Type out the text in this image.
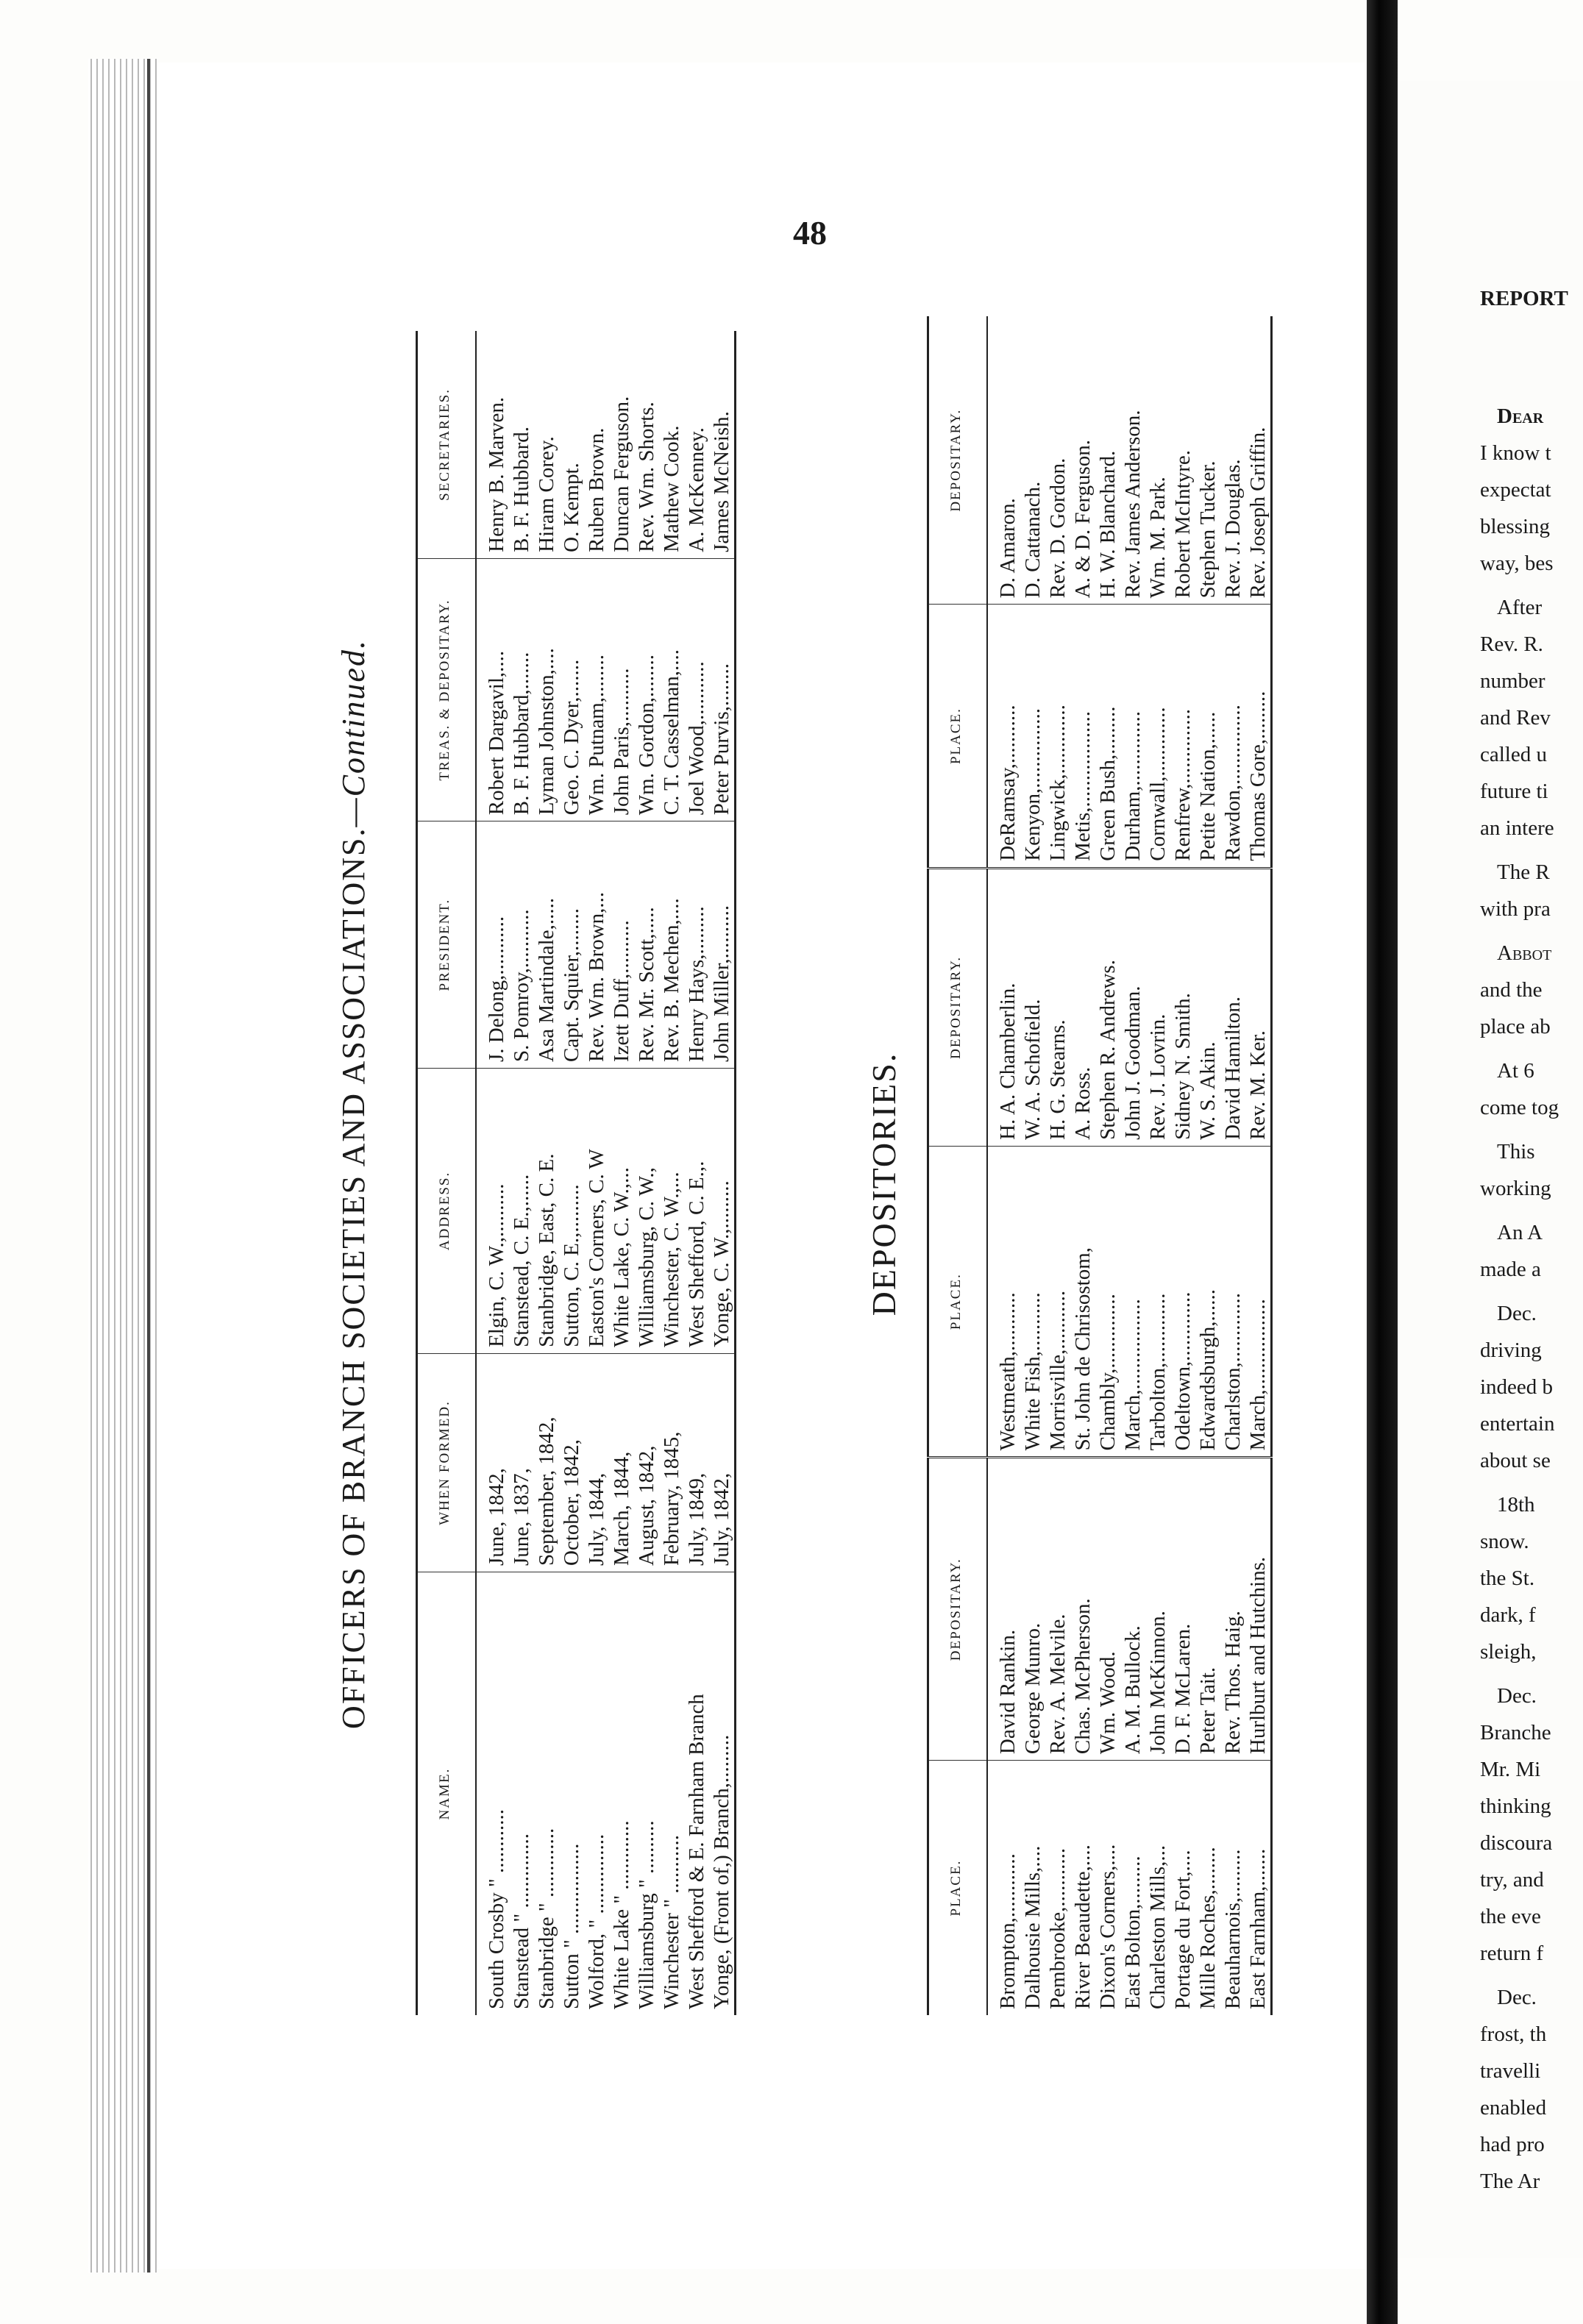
REPORT
Dear
I know t
expectat
blessing
way, bes
After
Rev. R.
number
and Rev
called u
future ti
an intere
The R
with pra
Abbot
and the
place ab
At 6
come tog
This
working
An A
made a
Dec.
driving
indeed b
entertain
about se
18th
snow.
the St.
dark, f
sleigh,
Dec.
Branche
Mr. Mi
thinking
discoura
try, and
the eve
return f
Dec.
frost, th
travelli
enabled
had pro
The Ar
48
OFFICERS OF BRANCH SOCIETIES AND ASSOCIATIONS.—Continued.
NAME.	WHEN FORMED.	ADDRESS.	PRESIDENT.	TREAS. & DEPOSITARY.	SECRETARIES.
South Crosby " ............	June, 1842,	Elgin, C. W.,..........	J. Delong,...........	Robert Dargavil,....	Henry B. Marven.
Stanstead " ..............	June, 1837,	Stanstead, C. E.,......	S. Pomroy,...........	B. F. Hubbard,.......	B. F. Hubbard.
Stanbridge " .............	September, 1842,	Stanbridge, East, C. E.	Asa Martindale,.....	Lyman Johnston,....	Hiram Corey.
Sutton " .................	October, 1842,	Sutton, C. E.,.........	Capt. Squier,........	Geo. C. Dyer,.......	O. Kempt.
Wolford, " ...............	July, 1844,	Easton's Corners, C. W	Rev. Wm. Brown,...	Wm. Putnam,........	Ruben Brown.
White Lake " .............	March, 1844,	White Lake, C. W.,...	Izett Duff,..........	John Paris,..........	Duncan Ferguson.
Williamsburg " ..........	August, 1842,	Williamsburg, C. W.,	Rev. Mr. Scott,.....	Wm. Gordon,........	Rev. Wm. Shorts.
Winchester " ...........	February, 1845,	Winchester, C. W.,...	Rev. B. Mechen,....	C. T. Casselman,....	Mathew Cook.
West Shefford & E. Farnham Branch	July, 1849,	West Shefford, C. E.,.	Henry Hays,.........	Joel Wood,...........	A. McKenney.
Yonge, (Front of,) Branch,.........	July, 1842,	Yonge, C. W.,.........	John Miller,..........	Peter Purvis,........	James McNeish.
DEPOSITORIES.
PLACE.	DEPOSITARY.	PLACE.	DEPOSITARY.	PLACE.	DEPOSITARY.
Brompton,............	David Rankin.	Westmeath,...........	H. A. Chamberlin.	DeRamsay,...........	D. Amaron.
Dalhousie Mills,....	George Munro.	White Fish,...........	W. A. Schofield.	Kenyon,...............	D. Cattanach.
Pembrooke,...........	Rev. A. Melvile.	Morrisville,...........	H. G. Stearns.	Lingwick,.............	Rev. D. Gordon.
River Beaudette,....	Chas. McPherson.	St. John de Chrisostom,	A. Ross.	Metis,..................	A. & D. Ferguson.
Dixon's Corners,....	Wm. Wood.	Chambly,..............	Stephen R. Andrews.	Green Bush,.........	H. W. Blanchard.
East Bolton,.........	A. M. Bullock.	March,.................	John J. Goodman.	Durham,..............	Rev. James Anderson.
Charleston Mills,...	John McKinnon.	Tarbolton,.............	Rev. J. Lovrin.	Cornwall,.............	Wm. M. Park.
Portage du Fort,....	D. F. McLaren.	Odeltown,.............	Sidney N. Smith.	Renfrew,..............	Robert McIntyre.
Mille Roches,........	Peter Tait.	Edwardsburgh,......	W. S. Akin.	Petite Nation,......	Stephen Tucker.
Beauharnois,.........	Rev. Thos. Haig.	Charlston,.............	David Hamilton.	Rawdon,...............	Rev. J. Douglas.
East Farnham,.......	Hurlburt and Hutchins.	March,.................	Rev. M. Ker.	Thomas Gore,.........	Rev. Joseph Griffin.
